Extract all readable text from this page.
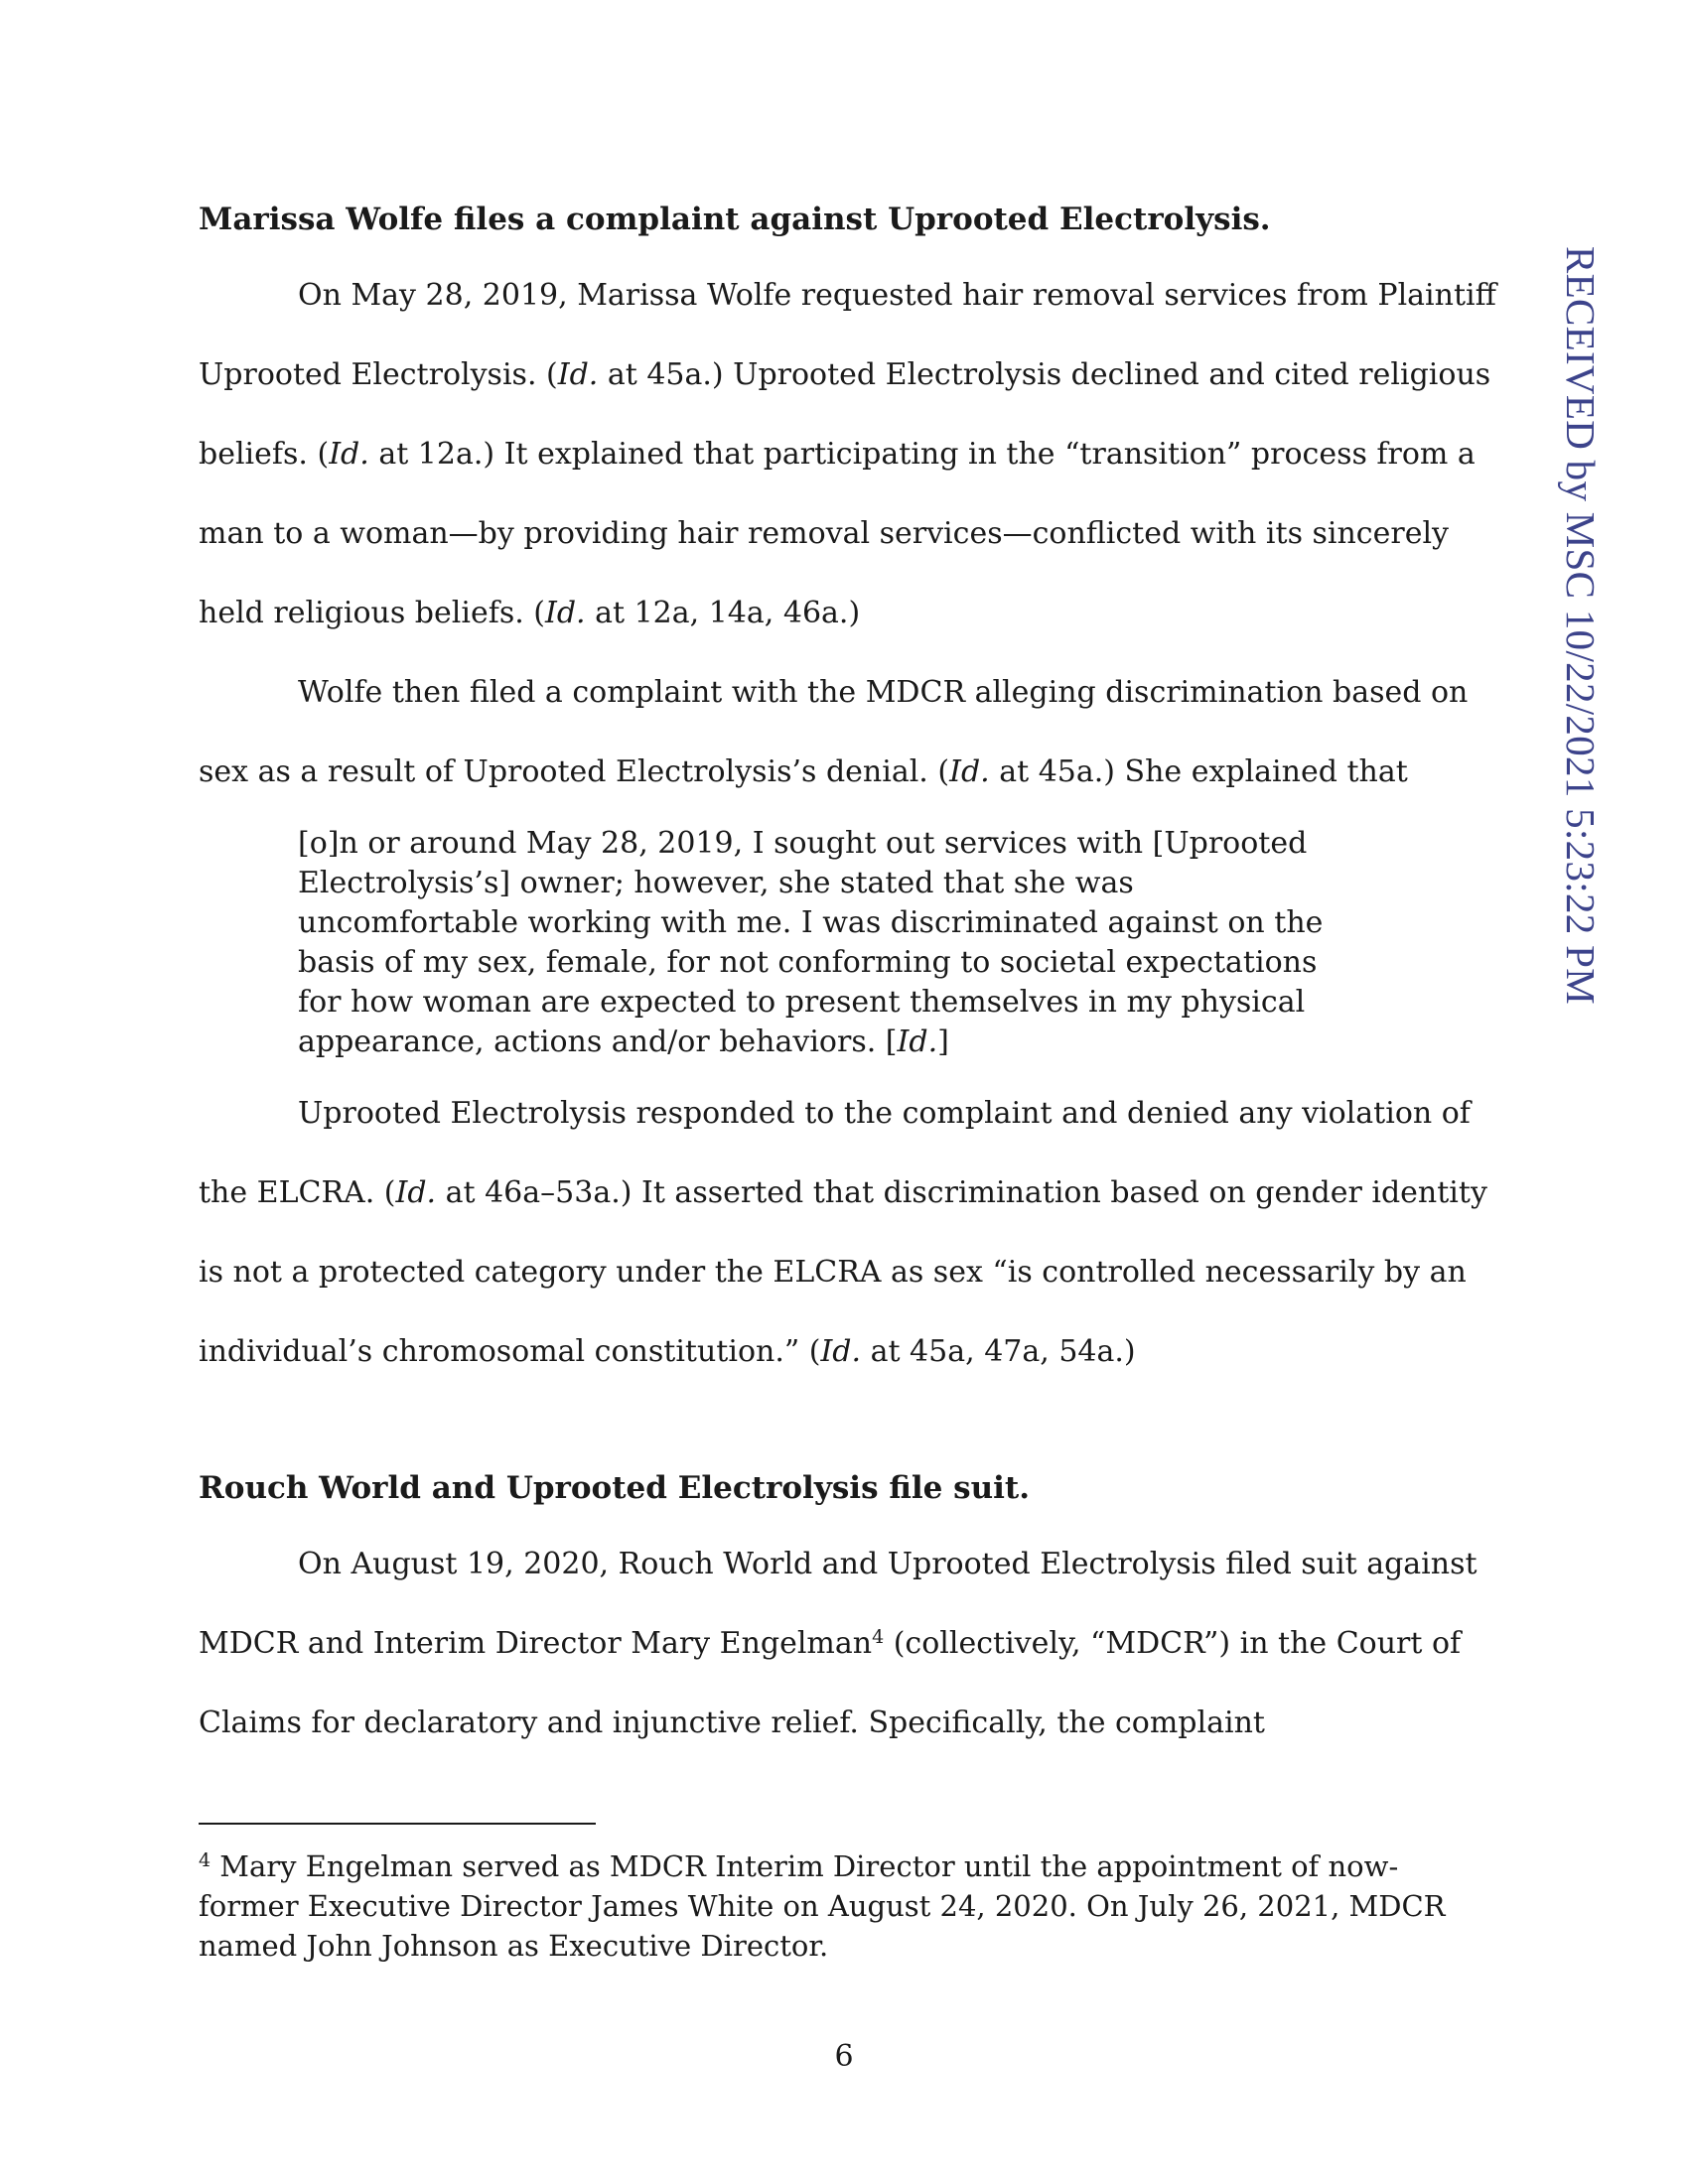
RECEIVED by MSC 10/22/2021 5:23:22 PM
Marissa Wolfe files a complaint against Uprooted Electrolysis.

On May 28, 2019, Marissa Wolfe requested hair removal services from Plaintiff Uprooted Electrolysis. (Id. at 45a.) Uprooted Electrolysis declined and cited religious beliefs. (Id. at 12a.) It explained that participating in the “transition” process from a man to a woman—by providing hair removal services—conflicted with its sincerely held religious beliefs. (Id. at 12a, 14a, 46a.)

Wolfe then filed a complaint with the MDCR alleging discrimination based on sex as a result of Uprooted Electrolysis’s denial. (Id. at 45a.) She explained that

[o]n or around May 28, 2019, I sought out services with [Uprooted Electrolysis’s] owner; however, she stated that she was uncomfortable working with me. I was discriminated against on the basis of my sex, female, for not conforming to societal expectations for how woman are expected to present themselves in my physical appearance, actions and/or behaviors. [Id.]

Uprooted Electrolysis responded to the complaint and denied any violation of the ELCRA. (Id. at 46a–53a.) It asserted that discrimination based on gender identity is not a protected category under the ELCRA as sex “is controlled necessarily by an individual’s chromosomal constitution.” (Id. at 45a, 47a, 54a.)

Rouch World and Uprooted Electrolysis file suit.

On August 19, 2020, Rouch World and Uprooted Electrolysis filed suit against MDCR and Interim Director Mary Engelman$^4$ (collectively, “MDCR”) in the Court of Claims for declaratory and injunctive relief. Specifically, the complaint

$^4$ Mary Engelman served as MDCR Interim Director until the appointment of now-former Executive Director James White on August 24, 2020. On July 26, 2021, MDCR named John Johnson as Executive Director.
6
